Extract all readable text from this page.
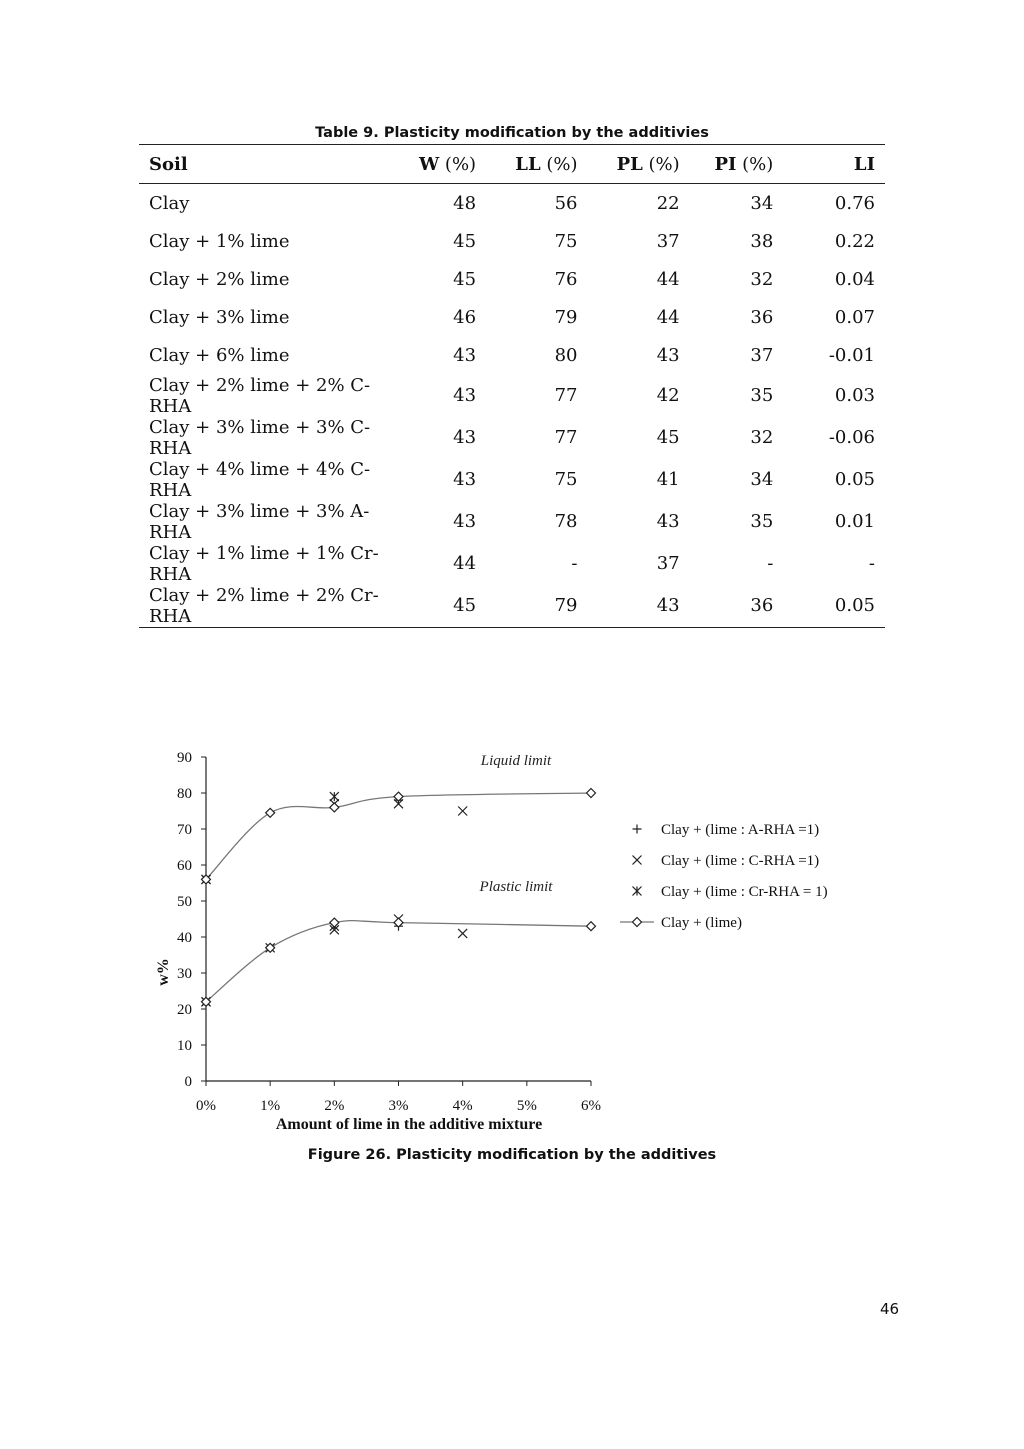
Table 9. Plasticity modification by the additivies
Soil	W (%)	LL (%)	PL (%)	PI (%)	LI
Clay	48	56	22	34	0.76
Clay + 1% lime	45	75	37	38	0.22
Clay + 2% lime	45	76	44	32	0.04
Clay + 3% lime	46	79	44	36	0.07
Clay + 6% lime	43	80	43	37	-0.01
Clay + 2% lime + 2% C-RHA	43	77	42	35	0.03
Clay + 3% lime + 3% C-RHA	43	77	45	32	-0.06
Clay + 4% lime + 4% C-RHA	43	75	41	34	0.05
Clay + 3% lime + 3% A-RHA	43	78	43	35	0.01
Clay + 1% lime + 1% Cr-RHA	44	-	37	-	-
Clay + 2% lime + 2% Cr-RHA	45	79	43	36	0.05
0
10
20
30
40
50
60
70
80
90
0%	1%	2%	3%	4%	5%	6%
Liquid limit
Plastic limit
Amount of lime in the additive mixture
w%
Clay + (lime : A-RHA =1)
Clay + (lime : C-RHA =1)
Clay + (lime : Cr-RHA = 1)
Clay + (lime)
Figure 26. Plasticity modification by the additives
46
